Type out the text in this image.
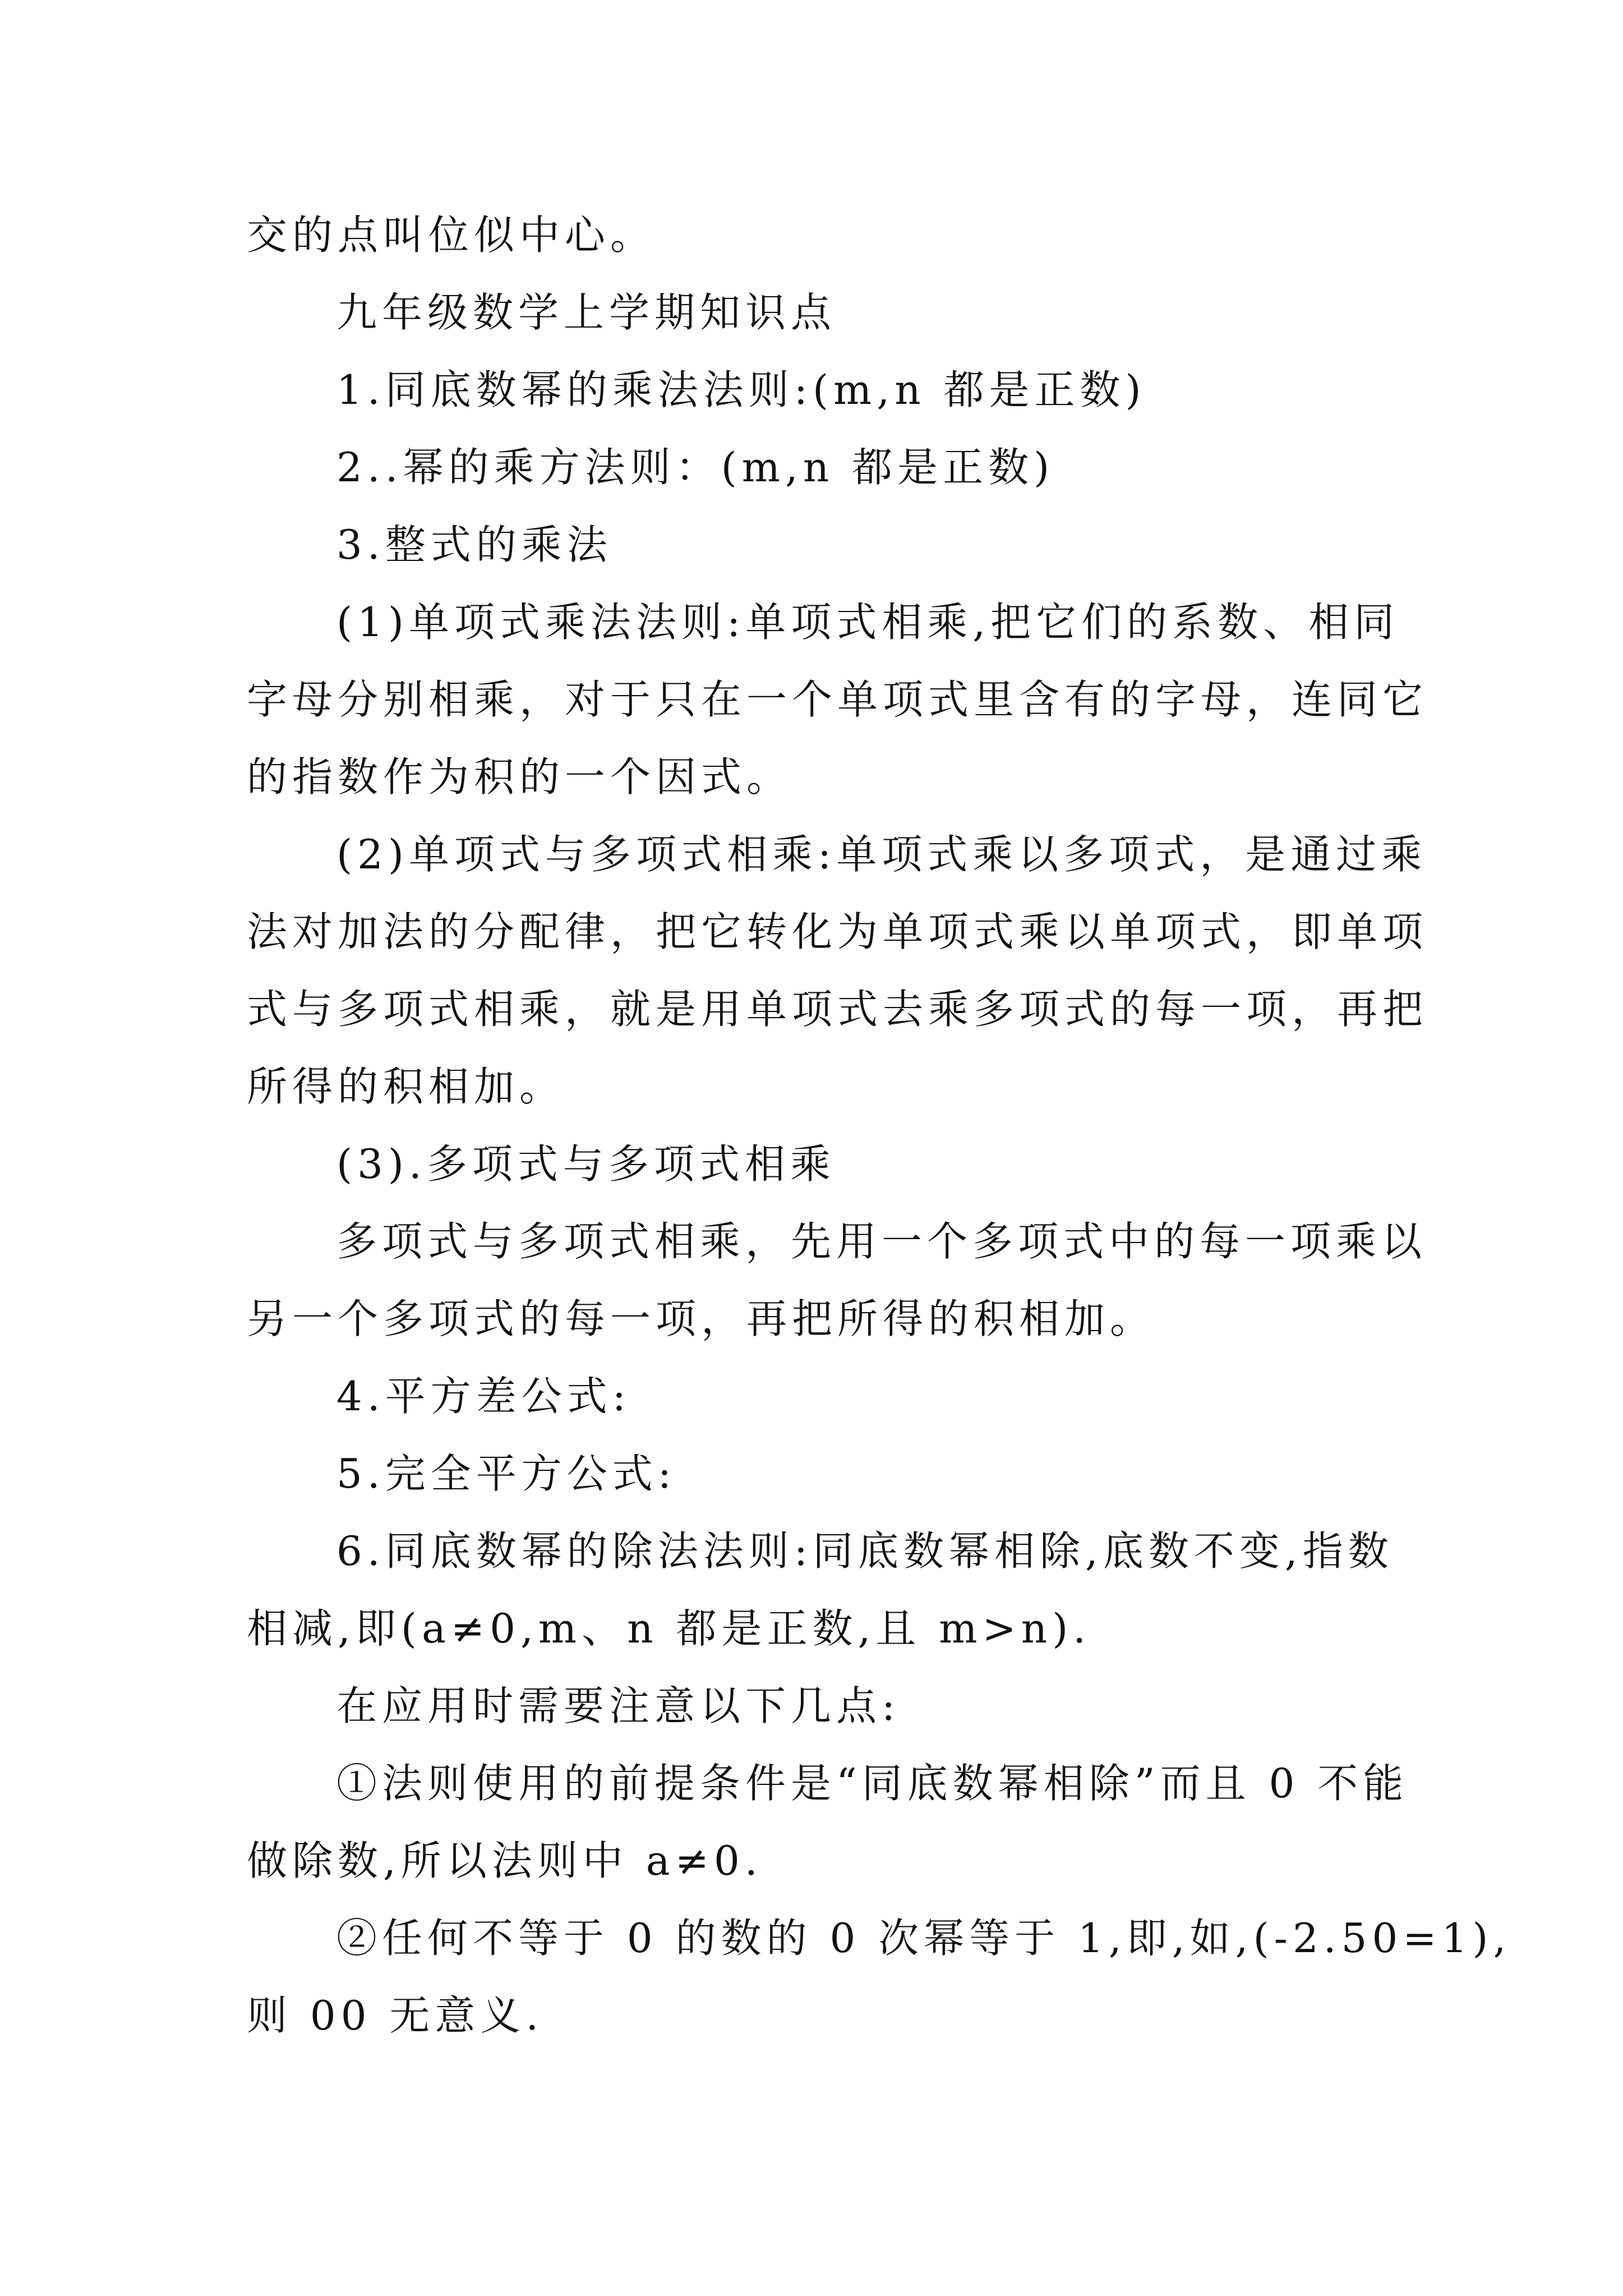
交的点叫位似中心。
九年级数学上学期知识点
1.同底数幂的乘法法则:(m,n 都是正数)
2..幂的乘方法则：(m,n 都是正数)
3.整式的乘法
(1)单项式乘法法则:单项式相乘,把它们的系数、相同
字母分别相乘，对于只在一个单项式里含有的字母，连同它
的指数作为积的一个因式。
(2)单项式与多项式相乘:单项式乘以多项式，是通过乘
法对加法的分配律，把它转化为单项式乘以单项式，即单项
式与多项式相乘，就是用单项式去乘多项式的每一项，再把
所得的积相加。
(3).多项式与多项式相乘
多项式与多项式相乘，先用一个多项式中的每一项乘以
另一个多项式的每一项，再把所得的积相加。
4.平方差公式:
5.完全平方公式:
6.同底数幂的除法法则:同底数幂相除,底数不变,指数
相减,即(a≠0,m、n 都是正数,且 m>n).
在应用时需要注意以下几点:
①法则使用的前提条件是“同底数幂相除”而且 0 不能
做除数,所以法则中 a≠0.
②任何不等于 0 的数的 0 次幂等于 1,即,如,(-2.50=1),
则 00 无意义.
